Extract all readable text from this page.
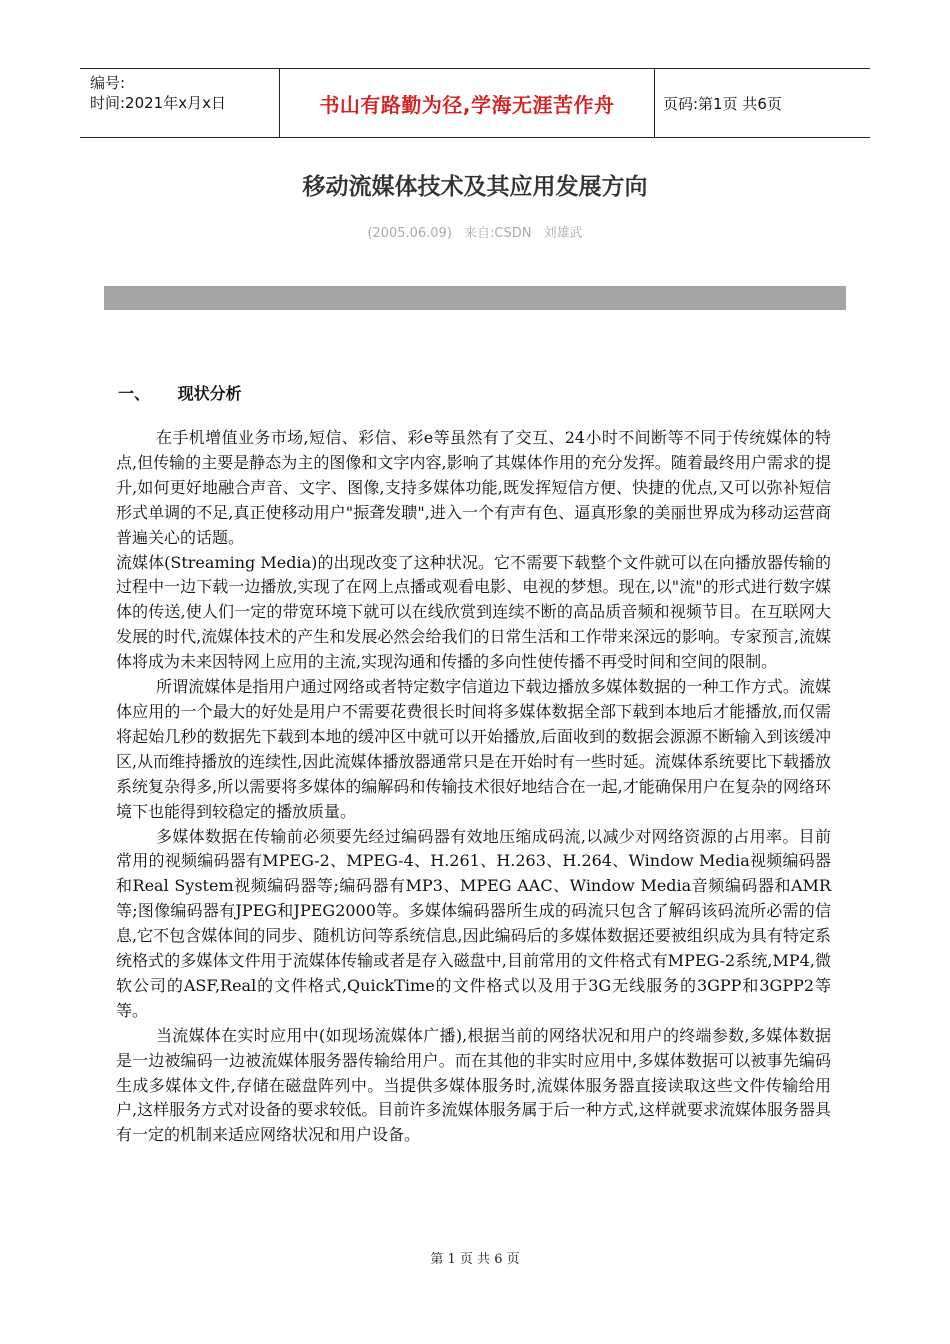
编号:
时间:2021年x月x日	书山有路勤为径,学海无涯苦作舟	页码:第1页 共6页
移动流媒体技术及其应用发展方向
(2005.06.09) 来自:CSDN 刘雄武
一、 现状分析

在手机增值业务市场,短信、彩信、彩e等虽然有了交互、24小时不间断等不同于传统媒体的特点,但传输的主要是静态为主的图像和文字内容,影响了其媒体作用的充分发挥。随着最终用户需求的提升,如何更好地融合声音、文字、图像,支持多媒体功能,既发挥短信方便、快捷的优点,又可以弥补短信形式单调的不足,真正使移动用户"振聋发聩",进入一个有声有色、逼真形象的美丽世界成为移动运营商普遍关心的话题。

流媒体(Streaming Media)的出现改变了这种状况。它不需要下载整个文件就可以在向播放器传输的过程中一边下载一边播放,实现了在网上点播或观看电影、电视的梦想。现在,以"流"的形式进行数字媒体的传送,使人们一定的带宽环境下就可以在线欣赏到连续不断的高品质音频和视频节目。在互联网大发展的时代,流媒体技术的产生和发展必然会给我们的日常生活和工作带来深远的影响。专家预言,流媒体将成为未来因特网上应用的主流,实现沟通和传播的多向性使传播不再受时间和空间的限制。

所谓流媒体是指用户通过网络或者特定数字信道边下载边播放多媒体数据的一种工作方式。流媒体应用的一个最大的好处是用户不需要花费很长时间将多媒体数据全部下载到本地后才能播放,而仅需将起始几秒的数据先下载到本地的缓冲区中就可以开始播放,后面收到的数据会源源不断输入到该缓冲区,从而维持播放的连续性,因此流媒体播放器通常只是在开始时有一些时延。流媒体系统要比下载播放系统复杂得多,所以需要将多媒体的编解码和传输技术很好地结合在一起,才能确保用户在复杂的网络环境下也能得到较稳定的播放质量。

多媒体数据在传输前必须要先经过编码器有效地压缩成码流,以减少对网络资源的占用率。目前常用的视频编码器有MPEG-2、MPEG-4、H.261、H.263、H.264、Window Media视频编码器和Real System视频编码器等;编码器有MP3、MPEG AAC、Window Media音频编码器和AMR等;图像编码器有JPEG和JPEG2000等。多媒体编码器所生成的码流只包含了解码该码流所必需的信息,它不包含媒体间的同步、随机访问等系统信息,因此编码后的多媒体数据还要被组织成为具有特定系统格式的多媒体文件用于流媒体传输或者是存入磁盘中,目前常用的文件格式有MPEG-2系统,MP4,微软公司的ASF,Real的文件格式,QuickTime的文件格式以及用于3G无线服务的3GPP和3GPP2等等。

当流媒体在实时应用中(如现场流媒体广播),根据当前的网络状况和用户的终端参数,多媒体数据是一边被编码一边被流媒体服务器传输给用户。而在其他的非实时应用中,多媒体数据可以被事先编码生成多媒体文件,存储在磁盘阵列中。当提供多媒体服务时,流媒体服务器直接读取这些文件传输给用户,这样服务方式对设备的要求较低。目前许多流媒体服务属于后一种方式,这样就要求流媒体服务器具有一定的机制来适应网络状况和用户设备。

第 1 页 共 6 页
